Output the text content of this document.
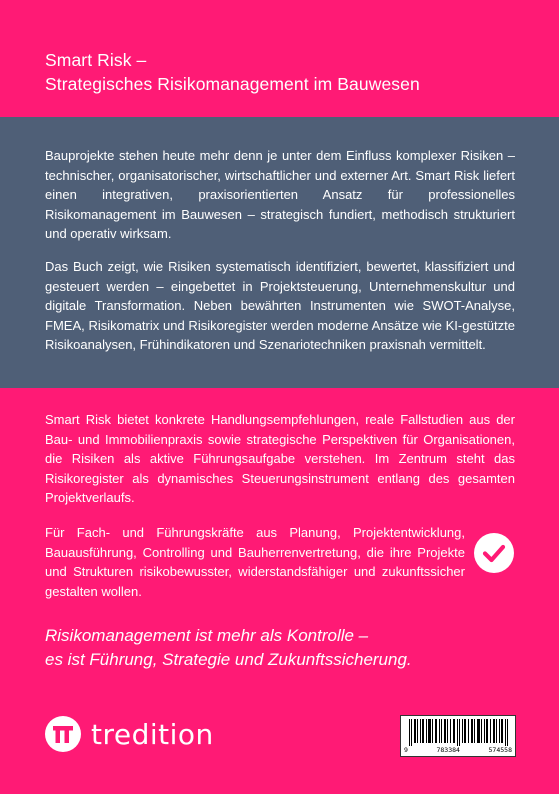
Smart Risk –
Strategisches Risikomanagement im Bauwesen

Bauprojekte stehen heute mehr denn je unter dem Einfluss komplexer Risiken – technischer, organisatorischer, wirtschaftlicher und externer Art. Smart Risk liefert einen integrativen, praxisorientierten Ansatz für professionelles Risikomanagement im Bauwesen – strategisch fundiert, methodisch strukturiert und operativ wirksam.

Das Buch zeigt, wie Risiken systematisch identifiziert, bewertet, klassifiziert und gesteuert werden – eingebettet in Projektsteuerung, Unternehmenskultur und digitale Transformation. Neben bewährten Instrumenten wie SWOT-Analyse, FMEA, Risikomatrix und Risikoregister werden moderne Ansätze wie KI-gestützte Risikoanalysen, Frühindikatoren und Szenariotechniken praxisnah vermittelt.

Smart Risk bietet konkrete Handlungsempfehlungen, reale Fallstudien aus der Bau- und Immobilienpraxis sowie strategische Perspektiven für Organisationen, die Risiken als aktive Führungsaufgabe verstehen. Im Zentrum steht das Risikoregister als dynamisches Steuerungsinstrument entlang des gesamten Projektverlaufs.

Für Fach- und Führungskräfte aus Planung, Projektentwicklung, Bauausführung, Controlling und Bauherrenvertretung, die ihre Projekte und Strukturen risikobewusster, widerstandsfähiger und zukunftssicher gestalten wollen.

Risikomanagement ist mehr als Kontrolle –
es ist Führung, Strategie und Zukunftssicherung.

tredition	9	783384	574558
